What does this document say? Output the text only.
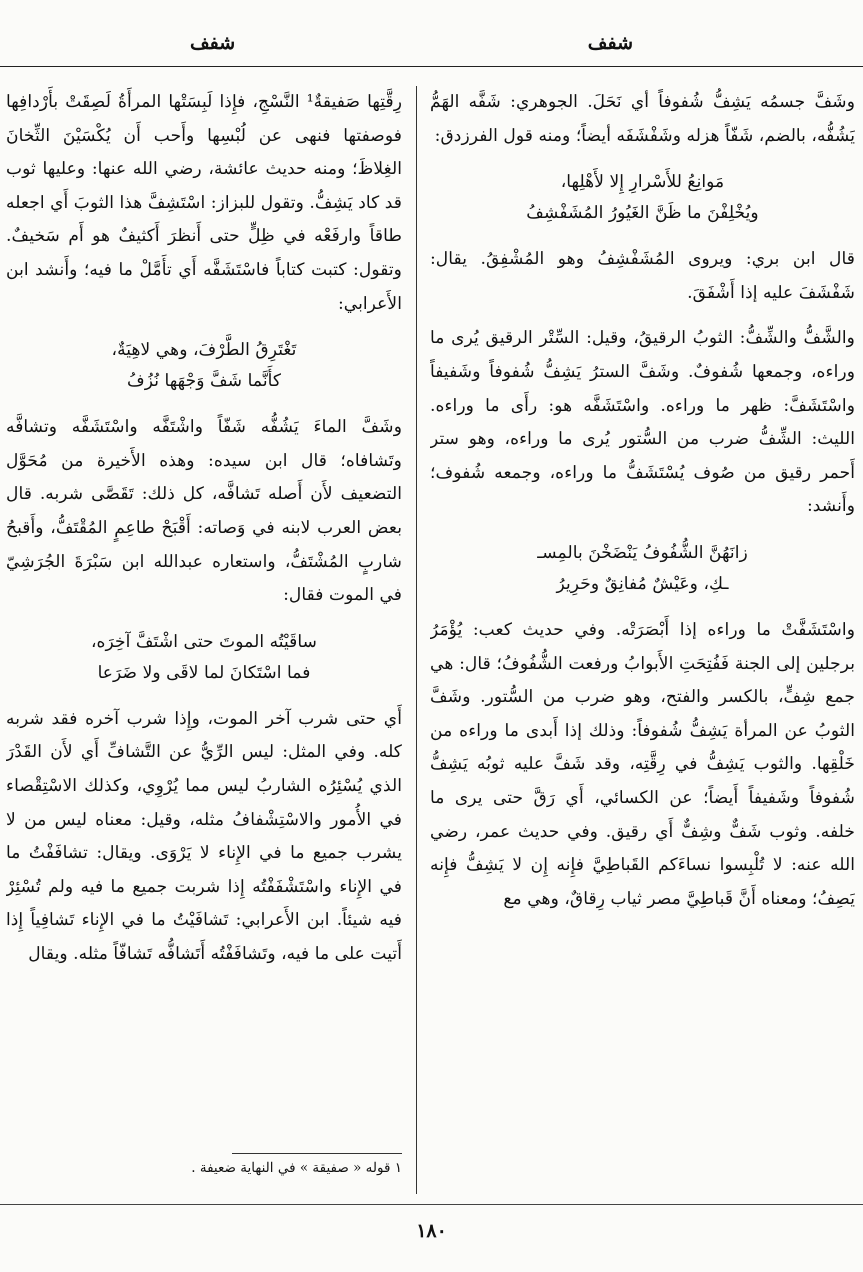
شفف
شفف

وشَفَّ جسمُه يَشِفُّ شُفوفاً أي نَحَلَ. الجوهري: شَفَّه الهَمُّ يَشُفُّه، بالضم، شَفّاً هزله وشَفْشَفَه أيضاً؛ ومنه قول الفرزدق:

مَوانِعُ للأَسْرارِ إِلا لأَهْلِها،
ويُخْلِفْنَ ما ظَنَّ الغَيُورُ المُشَفْشِفُ

قال ابن بري: ويروى المُشَفْشِفُ وهو المُشْفِقُ. يقال: شَفْشَفَ عليه إذا أَشْفَقَ.

والشَّفُّ والشِّفُّ: الثوبُ الرقيقُ، وقيل: السِّتْر الرقيق يُرى ما وراءه، وجمعها شُفوفٌ. وشَفَّ السترُ يَشِفُّ شُفوفاً وشَفيفاً واسْتَشَفَّ: ظهر ما وراءه. واسْتَشَفَّه هو: رأَى ما وراءه. الليث: الشِّفُّ ضرب من السُّتور يُرى ما وراءه، وهو ستر أَحمر رقيق من صُوف يُسْتَشَفُّ ما وراءه، وجمعه شُفوف؛ وأَنشد:

زانَهُنَّ الشُّفُوفُ يَنْضَخْنَ بالمِسـ
ـكِ، وعَيْشٌ مُفانِقٌ وحَرِيرُ

واسْتَشَفَّتْ ما وراءه إذا أَبْصَرَتْه. وفي حديث كعب: يُؤْمَرُ برجلين إلى الجنة فَفُتِحَتِ الأَبوابُ ورفعت الشُّفُوفُ؛ قال: هي جمع شِفٍّ، بالكسر والفتح، وهو ضرب من السُّتور. وشَفَّ الثوبُ عن المرأة يَشِفُّ شُفوفاً: وذلك إذا أَبدى ما وراءه من خَلْقِها. والثوب يَشِفُّ في رِقَّتِه، وقد شَفَّ عليه ثوبُه يَشِفُّ شُفوفاً وشَفيفاً أَيضاً؛ عن الكسائي، أَي رَقَّ حتى يرى ما خلفه. وثوب شَفٌّ وشِفٌّ أَي رقيق. وفي حديث عمر، رضي الله عنه: لا تُلْبِسوا نساءَكم القَباطِيَّ فإِنه إِن لا يَشِفُّ فإِنه يَصِفُ؛ ومعناه أَنَّ قَباطِيَّ مصر ثياب رِقاقٌ، وهي مع

رِقَّتِها صَفيقةٌ¹ النَّسْجِ، فإِذا لَبِسَتْها المرأَةُ لَصِقَتْ بأَرْدافِها فوصفتها فنهى عن لُبْسِها وأَحب أَن يُكْسَيْنَ الثِّخانَ الغِلاظَ؛ ومنه حديث عائشة، رضي الله عنها: وعليها ثوب قد كاد يَشِفُّ. وتقول للبزاز: اسْتَشِفَّ هذا الثوبَ أَي اجعله طاقاً وارفَعْه في ظِلٍّ حتى أَنظرَ أَكثيفٌ هو أَم سَخيفٌ. وتقول: كتبت كتاباً فاسْتَشَفَّه أَي تأَمَّلْ ما فيه؛ وأَنشد ابن الأَعرابي:

تَغْتَرِقُ الطَّرْفَ، وهي لاهِيَةٌ،
كأَنَّما شَفَّ وَجْهَها نُزُفُ

وشَفَّ الماءَ يَشُفُّه شَفّاً واشْتَفَّه واسْتَشَفَّه وتشافَّه وتَشافاه؛ قال ابن سيده: وهذه الأَخيرة من مُحَوَّل التضعيف لأَن أَصله تَشافَّه، كل ذلك: تَقَصَّى شربه. قال بعض العرب لابنه في وَصاته: أَقْبَحْ طاعِمٍ المُقْتَفُّ، وأَقبحُ شاربٍ المُشْتَفُّ، واستعاره عبدالله ابن سَبْرَةَ الجُرَشِيّ في الموت فقال:

ساقَيْتُه الموتَ حتى اشْتَفَّ آخِرَه،
فما اسْتَكانَ لما لاقَى ولا ضَرَعا

أَي حتى شرب آخر الموت، وإِذا شرب آخره فقد شربه كله. وفي المثل: ليس الرِّيُّ عن التَّشافِّ أَي لأَن القَدْرَ الذي يُسْئِرُه الشاربُ ليس مما يُرْوِي، وكذلك الاسْتِقْصاء في الأُمور والاسْتِشْفافُ مثله، وقيل: معناه ليس من لا يشرب جميع ما في الإِناء لا يَرْوَى. ويقال: تشافَفْتُ ما في الإِناء واسْتَشْفَفْتُه إِذا شربت جميع ما فيه ولم تُسْئِرْ فيه شيئاً. ابن الأَعرابي: تَشافَيْتُ ما في الإِناء تَشافِياً إِذا أَتيت على ما فيه، وتَشافَفْتُه أَتَشافُّه تَشافّاً مثله. ويقال

١ قوله « صفيقة » في النهاية ضعيفة .
١٨٠
